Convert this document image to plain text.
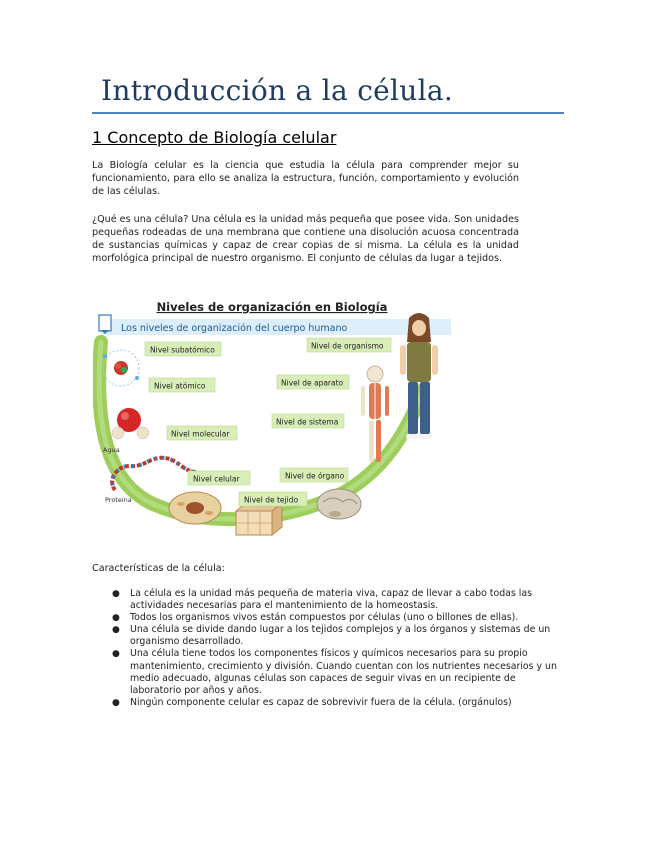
Introducción a la célula.
1 Concepto de Biología celular

La Biología celular es la ciencia que estudia la célula para comprender mejor su funcionamiento, para ello se analiza la estructura, función, comportamiento y evolución de las células.

¿Qué es una célula? Una célula es la unidad más pequeña que posee vida. Son unidades pequeñas rodeadas de una membrana que contiene una disolución acuosa concentrada de sustancias químicas y capaz de crear copias de si misma. La célula es la unidad morfológica principal de nuestro organismo. El conjunto de células da lugar a tejidos.

Niveles de organización en Biología
Los niveles de organización del cuerpo humano
Agua
Proteína
Nivel subatómico
Nivel atómico
Nivel molecular
Nivel celular
Nivel de tejido
Nivel de órgano
Nivel de sistema
Nivel de aparato
Nivel de organismo

Características de la célula:

● La célula es la unidad más pequeña de materia viva, capaz de llevar a cabo todas las actividades necesarias para el mantenimiento de la homeostasis.
● Todos los organismos vivos están compuestos por células (uno o billones de ellas).
● Una célula se divide dando lugar a los tejidos complejos y a los órganos y sistemas de un organismo desarrollado.
● Una célula tiene todos los componentes físicos y químicos necesarios para su propio mantenimiento, crecimiento y división. Cuando cuentan con los nutrientes necesarios y un medio adecuado, algunas células son capaces de seguir vivas en un recipiente de laboratorio por años y años.
● Ningún componente celular es capaz de sobrevivir fuera de la célula. (orgánulos)
